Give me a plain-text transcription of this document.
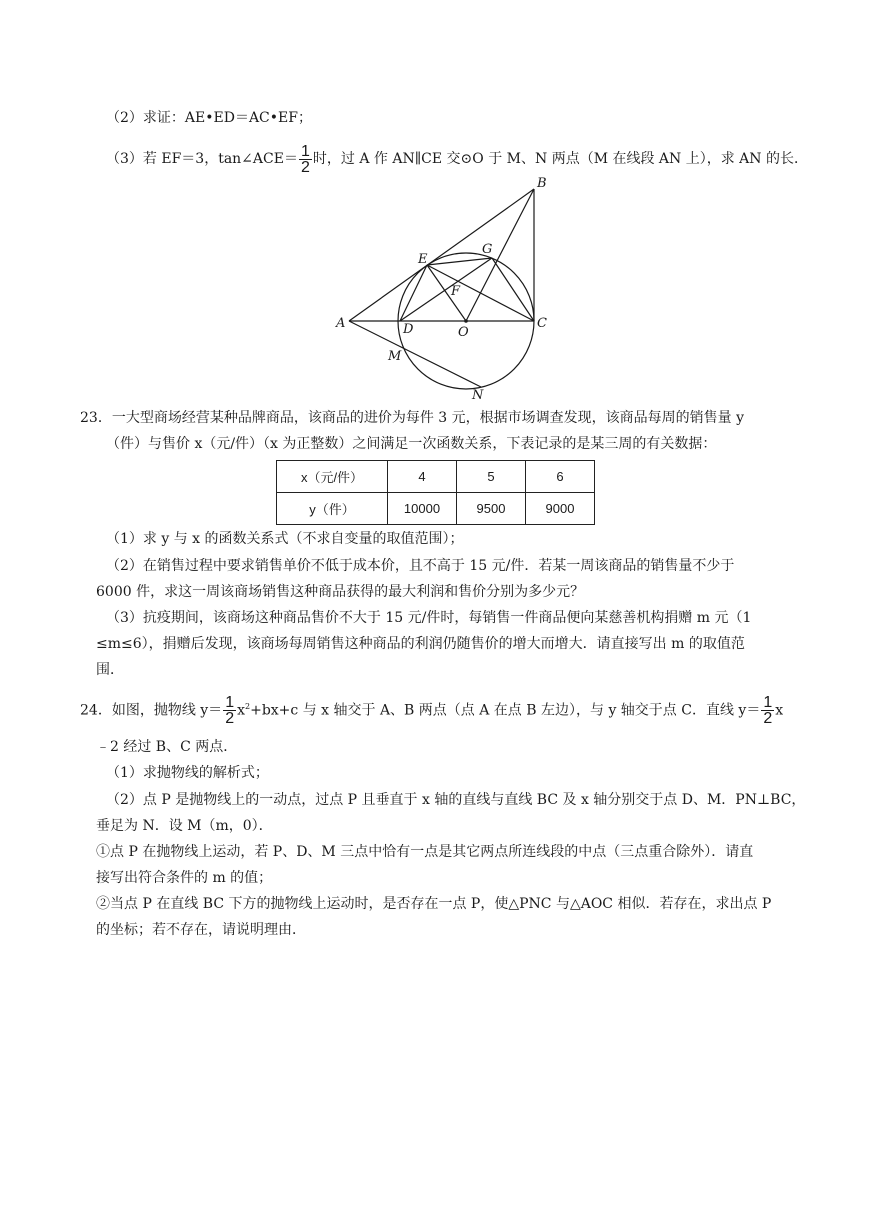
（2）求证：AE•ED＝AC•EF；
（3）若 EF＝3，tan∠ACE＝ $\frac{1}{2}$ 时，过 A 作 AN∥CE 交⊙O 于 M、N 两点（M 在线段 AN 上），求 AN 的长．
B
G
E
F
A	D	O
C
M
N
23．一大型商场经营某种品牌商品，该商品的进价为每件 3 元，根据市场调查发现，该商品每周的销售量 y
（件）与售价 x（元/件）（x 为正整数）之间满足一次函数关系，下表记录的是某三周的有关数据：
x（元/件）	4	5	6
y（件）	10000	9500	9000
（1）求 y 与 x 的函数关系式（不求自变量的取值范围）；
（2）在销售过程中要求销售单价不低于成本价，且不高于 15 元/件．若某一周该商品的销售量不少于
6000 件，求这一周该商场销售这种商品获得的最大利润和售价分别为多少元？
（3）抗疫期间，该商场这种商品售价不大于 15 元/件时，每销售一件商品便向某慈善机构捐赠 m 元（1
≤m≤6），捐赠后发现，该商场每周销售这种商品的利润仍随售价的增大而增大．请直接写出 m 的取值范
围．
24．如图，抛物线 $y= \frac{1}{2} x^2+bx+c$ 与 x 轴交于 A、B 两点（点 A 在点 B 左边），与 y 轴交于点 C．直线 $y= \frac{1}{2}$ x
﹣2 经过 B、C 两点．
（1）求抛物线的解析式；
（2）点 P 是抛物线上的一动点，过点 P 且垂直于 x 轴的直线与直线 BC 及 x 轴分别交于点 D、M．PN⊥BC，
垂足为 N．设 M（m，0）．
①点 P 在抛物线上运动，若 P、D、M 三点中恰有一点是其它两点所连线段的中点（三点重合除外）．请直
接写出符合条件的 m 的值；
②当点 P 在直线 BC 下方的抛物线上运动时，是否存在一点 P，使△PNC 与△AOC 相似．若存在，求出点 P
的坐标；若不存在，请说明理由．
